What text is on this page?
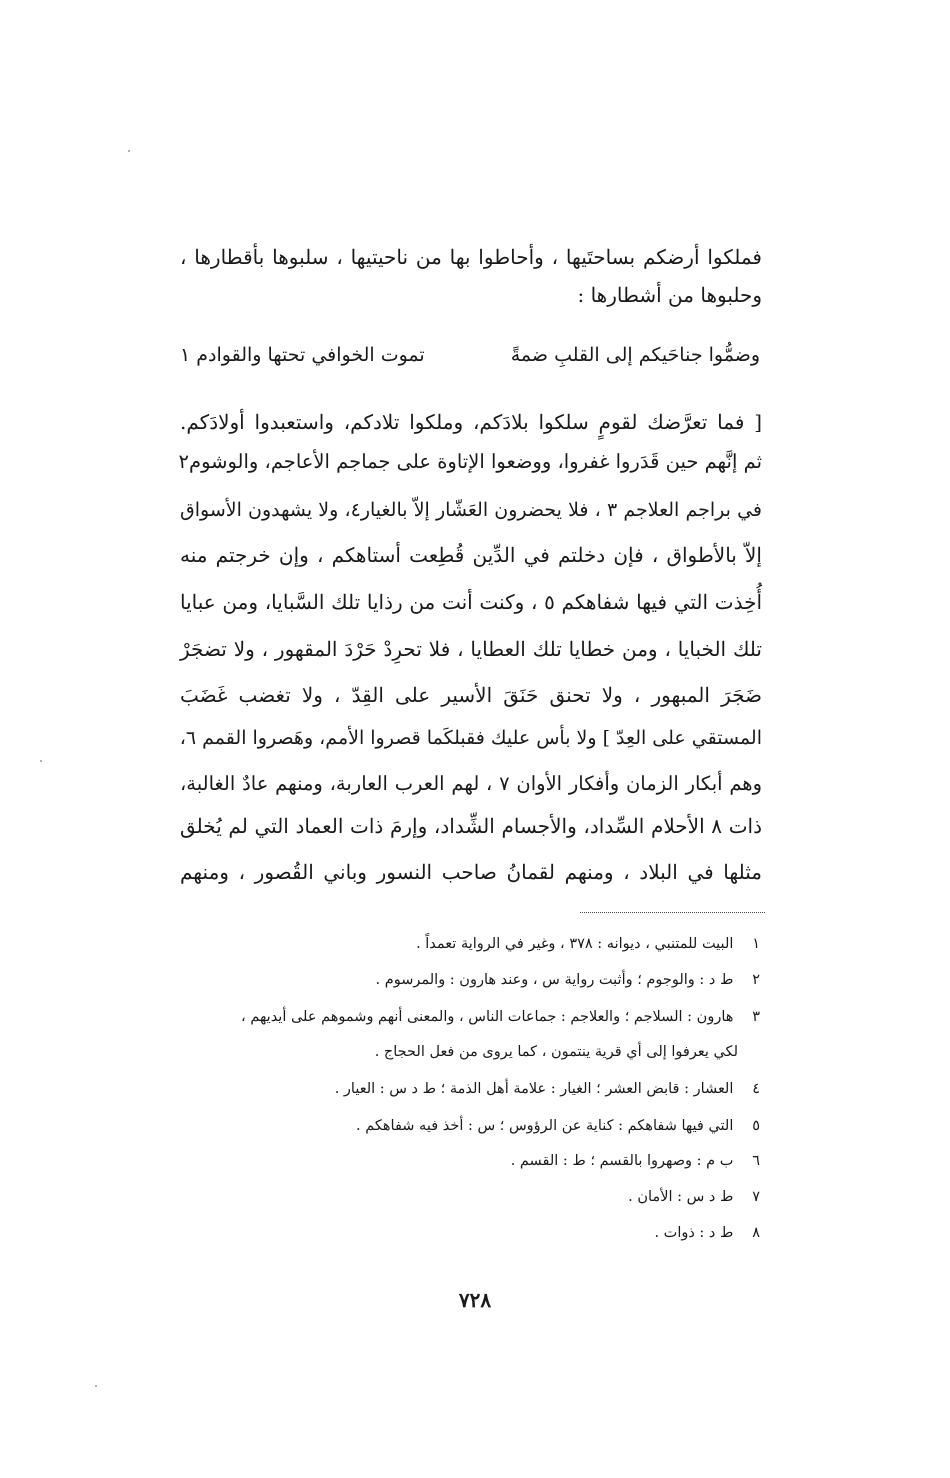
فملكوا أرضكم بساحتَيها ، وأحاطوا بها من ناحيتيها ، سلبوها بأقطارها ،
وحلبوها من أشطارها :
وضمُّوا جناحَيكم إلى القلبِ ضمةً
تموت الخوافي تحتها والقوادم ١
[ فما تعرَّضك لقومٍ سلكوا بلادَكم، وملكوا تلادكم، واستعبدوا أولادَكم.
ثم إنَّهم حين قَدَروا غفروا، ووضعوا الإتاوة على جماجم الأعاجم، والوشوم٢
في براجم العلاجم ٣ ، فلا يحضرون العَشّار إلاّ بالغيار٤، ولا يشهدون الأسواق
إلاّ بالأطواق ، فإن دخلتم في الدِّين قُطِعت أستاهكم ، وإن خرجتم منه
أُخِذت التي فيها شفاهكم ٥ ، وكنت أنت من رذايا تلك السَّبايا، ومن عبايا
تلك الخبايا ، ومن خطايا تلك العطايا ، فلا تحرِدْ حَرْدَ المقهور ، ولا تضجَرْ
ضَجَرَ المبهور ، ولا تحنق حَنَقَ الأسير على القِدّ ، ولا تغضب غَضَبَ
المستقي على العِدّ ] ولا بأس عليك فقبلكَما قصروا الأمم، وهَصروا القمم ٦،
وهم أبكار الزمان وأفكار الأوان ٧ ، لهم العرب العاربة، ومنهم عادٌ الغالبة،
ذات ٨ الأحلام السِّداد، والأجسام الشِّداد، وإرمَ ذات العماد التي لم يُخلق
مثلها في البلاد ، ومنهم لقمانُ صاحب النسور وباني القُصور ، ومنهم
١ البيت للمتنبي ، ديوانه : ٣٧٨ ، وغير في الرواية تعمداً .
٢ ط د : والوجوم ؛ وأثبت رواية س ، وعند هارون : والمرسوم .
٣ هارون : السلاجم ؛ والعلاجم : جماعات الناس ، والمعنى أنهم وشموهم على أيديهم ،
لكي يعرفوا إلى أي قرية ينتمون ، كما يروى من فعل الحجاج .
٤ العشار : قابض العشر ؛ الغيار : علامة أهل الذمة ؛ ط د س : العيار .
٥ التي فيها شفاهكم : كناية عن الرؤوس ؛ س : أخذ فيه شفاهكم .
٦ ب م : وصهروا بالقسم ؛ ط : القسم .
٧ ط د س : الأمان .
٨ ط د : ذوات .
٧٢٨
